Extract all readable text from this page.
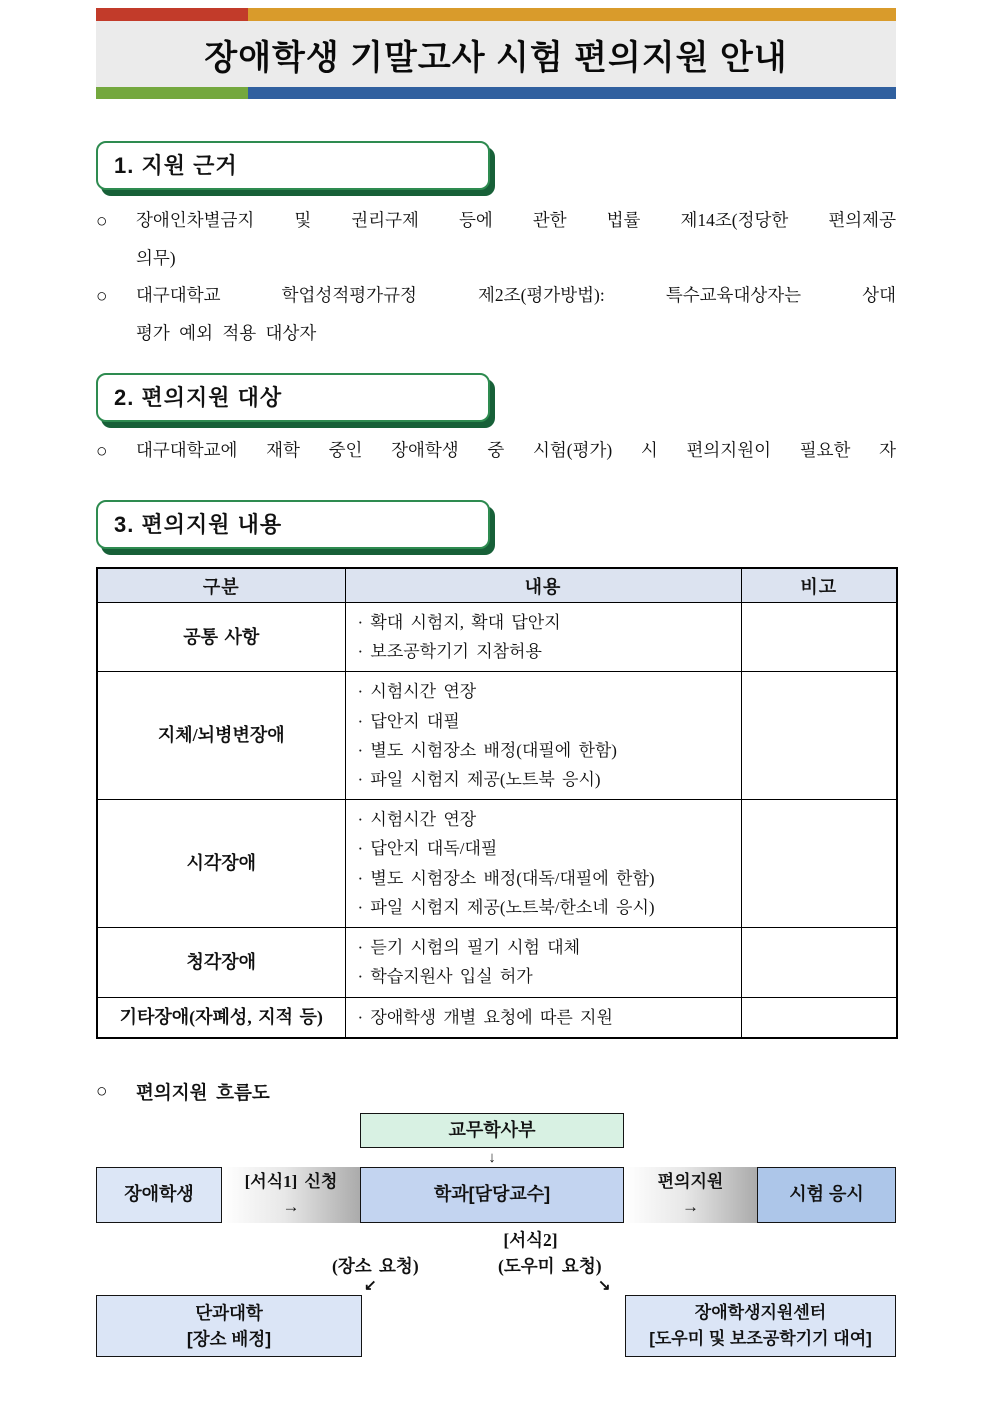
장애학생 기말고사 시험 편의지원 안내
1. 지원 근거
○	장애인차별금지 및 권리구제 등에 관한 법률 제14조(정당한 편의제공
의무)
○	대구대학교 학업성적평가규정 제2조(평가방법): 특수교육대상자는 상대
평가 예외 적용 대상자
2. 편의지원 대상
○	대구대학교에 재학 중인 장애학생 중 시험(평가) 시 편의지원이 필요한 자
3. 편의지원 내용
구분	내용	비고
공통 사항	· 확대 시험지, 확대 답안지
· 보조공학기기 지참허용	

지체/뇌병변장애	· 시험시간 연장
· 답안지 대필
· 별도 시험장소 배정(대필에 한함)
· 파일 시험지 제공(노트북 응시)	

시각장애	· 시험시간 연장
· 답안지 대독/대필
· 별도 시험장소 배정(대독/대필에 한함)
· 파일 시험지 제공(노트북/한소네 응시)	

청각장애	· 듣기 시험의 필기 시험 대체
· 학습지원사 입실 허가	

기타장애(자폐성, 지적 등)	· 장애학생 개별 요청에 따른 지원	

○	편의지원 흐름도
교무학사부
↓
장애학생
[서식1] 신청
→
학과[담당교수]
편의지원
→
시험 응시
[서식2]
(장소 요청)	(도우미 요청)
↙	↘
단과대학
[장소 배정]
장애학생지원센터
[도우미 및 보조공학기기 대여]
